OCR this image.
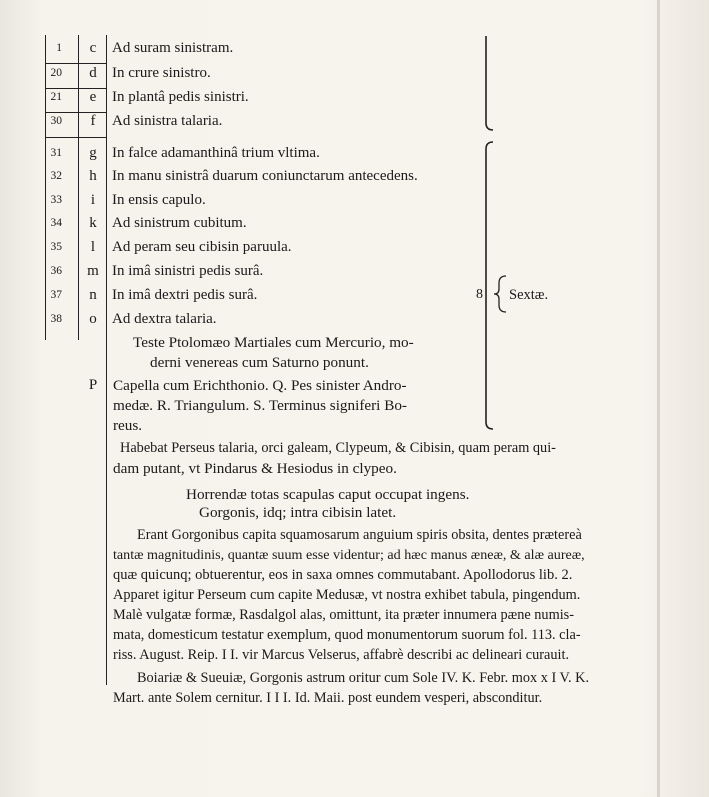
1	c	Ad suram sinistram.
20	d	In crure sinistro.
21	e	In plantâ pedis sinistri.
30	f	Ad sinistra talaria.
31	g	In falce adamanthinâ trium vltima.
32	h	In manu sinistrâ duarum coniunctarum antecedens.
33	i	In ensis capulo.
34	k	Ad sinistrum cubitum.
35	l	Ad peram seu cibisin paruula.
36	m In imâ sinistri pedis surâ.
37	n	In imâ dextri pedis surâ.
38	o	Ad dextra talaria.
8 Sextæ.
Teste Ptolomæo Martiales cum Mercurio, mo-
derni venereas cum Saturno ponunt.
P	Capella cum Erichthonio. Q. Pes sinister Andro-
medæ. R. Triangulum. S. Terminus signiferi Bo-
reus.
Habebat Perseus talaria, orci galeam, Clypeum, & Cibisin, quam peram qui-
dam putant, vt Pindarus & Hesiodus in clypeo.
Horrendæ totas scapulas caput occupat ingens.
Gorgonis, idq; intra cibisin latet.
Erant Gorgonibus capita squamosarum anguium spiris obsita, dentes prætereà
tantæ magnitudinis, quantæ suum esse videntur; ad hæc manus æneæ, & alæ aureæ,
quæ quicunq; obtuerentur, eos in saxa omnes commutabant. Apollodorus lib. 2.
Apparet igitur Perseum cum capite Medusæ, vt nostra exhibet tabula, pingendum.
Malè vulgatæ formæ, Rasdalgol alas, omittunt, ita præter innumera pæne numis-
mata, domesticum testatur exemplum, quod monumentorum suorum fol. 113. cla-
riss. August. Reip. I I. vir Marcus Velserus, affabrè describi ac delineari curauit.
Boiariæ & Sueuiæ, Gorgonis astrum oritur cum Sole IV. K. Febr. mox x I V. K.
Mart. ante Solem cernitur. I I I. Id. Maii. post eundem vesperi, absconditur.
